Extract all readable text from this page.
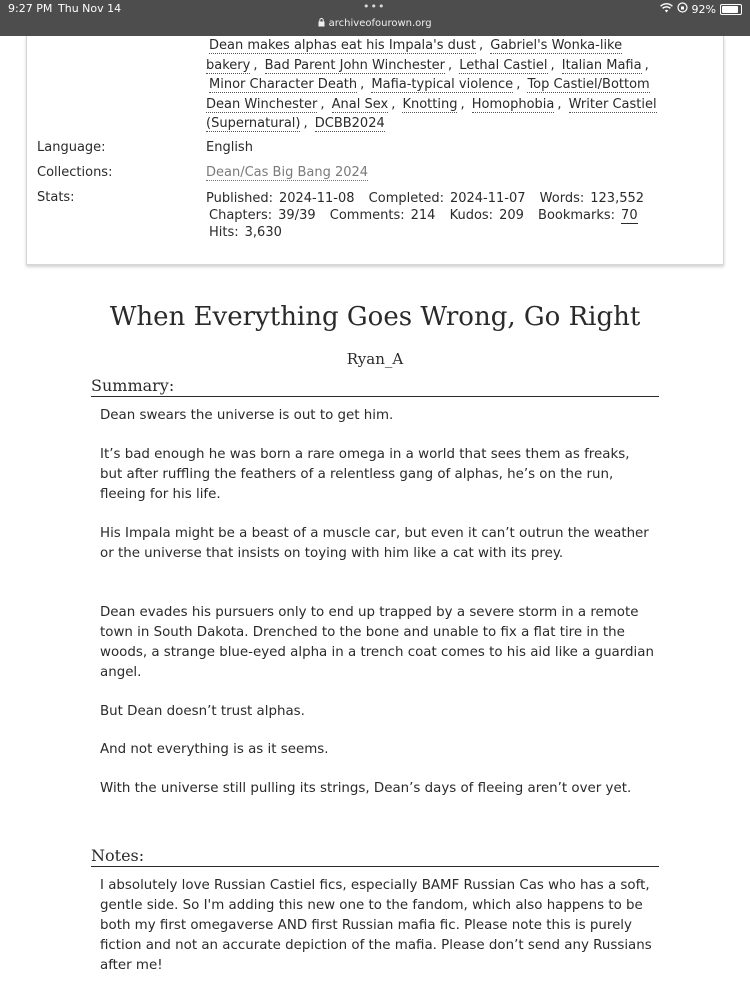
9:27 PM Thu Nov 14	•••
archiveofourown.org
92%
Dean makes alphas eat his Impala's dust , Gabriel's Wonka-like bakery , Bad Parent John Winchester , Lethal Castiel , Italian Mafia , Minor Character Death , Mafia-typical violence , Top Castiel/Bottom Dean Winchester , Anal Sex , Knotting , Homophobia , Writer Castiel (Supernatural) , DCBB2024
Language:	English
Collections:	Dean/Cas Big Bang 2024
Stats:	Published: 2024-11-08 Completed: 2024-11-07 Words: 123,552
Chapters: 39/39 Comments: 214 Kudos: 209 Bookmarks: 70
Hits: 3,630
When Everything Goes Wrong, Go Right
Ryan_A
Summary:
Dean swears the universe is out to get him.
It’s bad enough he was born a rare omega in a world that sees them as freaks, but after ruffling the feathers of a relentless gang of alphas, he’s on the run, fleeing for his life.
His Impala might be a beast of a muscle car, but even it can’t outrun the weather or the universe that insists on toying with him like a cat with its prey.
Dean evades his pursuers only to end up trapped by a severe storm in a remote town in South Dakota. Drenched to the bone and unable to fix a flat tire in the woods, a strange blue-eyed alpha in a trench coat comes to his aid like a guardian angel.
But Dean doesn’t trust alphas.
And not everything is as it seems.
With the universe still pulling its strings, Dean’s days of fleeing aren’t over yet.
Notes:
I absolutely love Russian Castiel fics, especially BAMF Russian Cas who has a soft, gentle side. So I'm adding this new one to the fandom, which also happens to be both my first omegaverse AND first Russian mafia fic. Please note this is purely fiction and not an accurate depiction of the mafia. Please don’t send any Russians after me!
